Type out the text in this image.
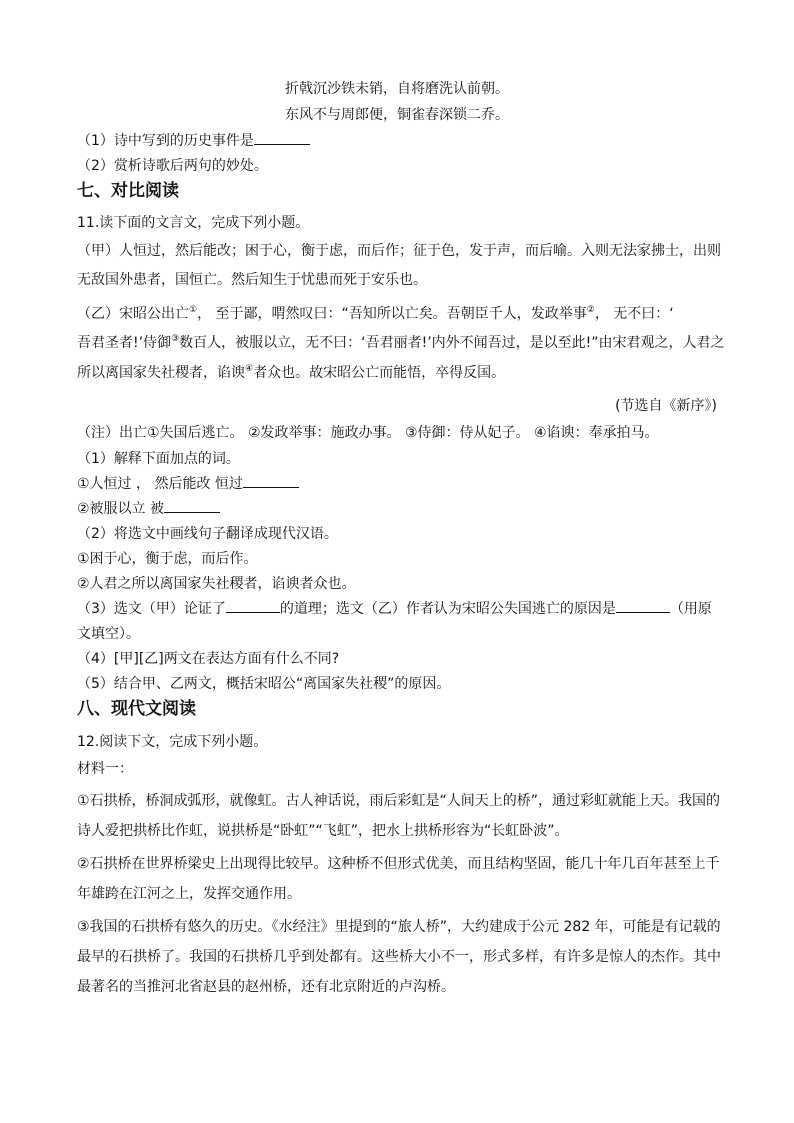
折戟沉沙铁未销，自将磨洗认前朝。
东风不与周郎便，铜雀春深锁二乔。
（1）诗中写到的历史事件是
（2）赏析诗歌后两句的妙处。
七、对比阅读
11.读下面的文言文，完成下列小题。
（甲）人恒过，然后能改；困于心，衡于虑，而后作；征于色，发于声，而后喻。入则无法家拂士，出则
无敌国外患者，国恒亡。然后知生于忧患而死于安乐也。
（乙）宋昭公出亡①， 至于鄙，喟然叹曰：“吾知所以亡矣。吾朝臣千人，发政举事②， 无不曰：‘
吾君圣者!’侍御③数百人，被服以立，无不曰：‘吾君丽者!’内外不闻吾过，是以至此!”由宋君观之，人君之
所以离国家失社稷者，谄谀④者众也。故宋昭公亡而能悟，卒得反国。
(节选自《新序》)
（注）出亡①失国后逃亡。 ②发政举事：施政办事。 ③侍御：侍从妃子。 ④谄谀：奉承拍马。
（1）解释下面加点的词。
①人恒过 ， 然后能改 恒过
②被服以立 被
（2）将选文中画线句子翻译成现代汉语。
①困于心，衡于虑，而后作。
②人君之所以离国家失社稷者，谄谀者众也。
（3）选文（甲）论证了	的道理；选文（乙）作者认为宋昭公失国逃亡的原因是	（用原
文填空）。
（4）[甲][乙]两文在表达方面有什么不同?
（5）结合甲、乙两文，概括宋昭公“离国家失社稷”的原因。
八、现代文阅读
12.阅读下文，完成下列小题。
材料一：
①石拱桥，桥洞成弧形，就像虹。古人神话说，雨后彩虹是“人间天上的桥”，通过彩虹就能上天。我国的
诗人爱把拱桥比作虹，说拱桥是“卧虹”“飞虹”，把水上拱桥形容为“长虹卧波”。
②石拱桥在世界桥梁史上出现得比较早。这种桥不但形式优美，而且结构坚固，能几十年几百年甚至上千
年雄跨在江河之上，发挥交通作用。
③我国的石拱桥有悠久的历史。《水经注》里提到的“旅人桥”，大约建成于公元 282 年，可能是有记载的
最早的石拱桥了。我国的石拱桥几乎到处都有。这些桥大小不一，形式多样，有许多是惊人的杰作。其中
最著名的当推河北省赵县的赵州桥，还有北京附近的卢沟桥。
